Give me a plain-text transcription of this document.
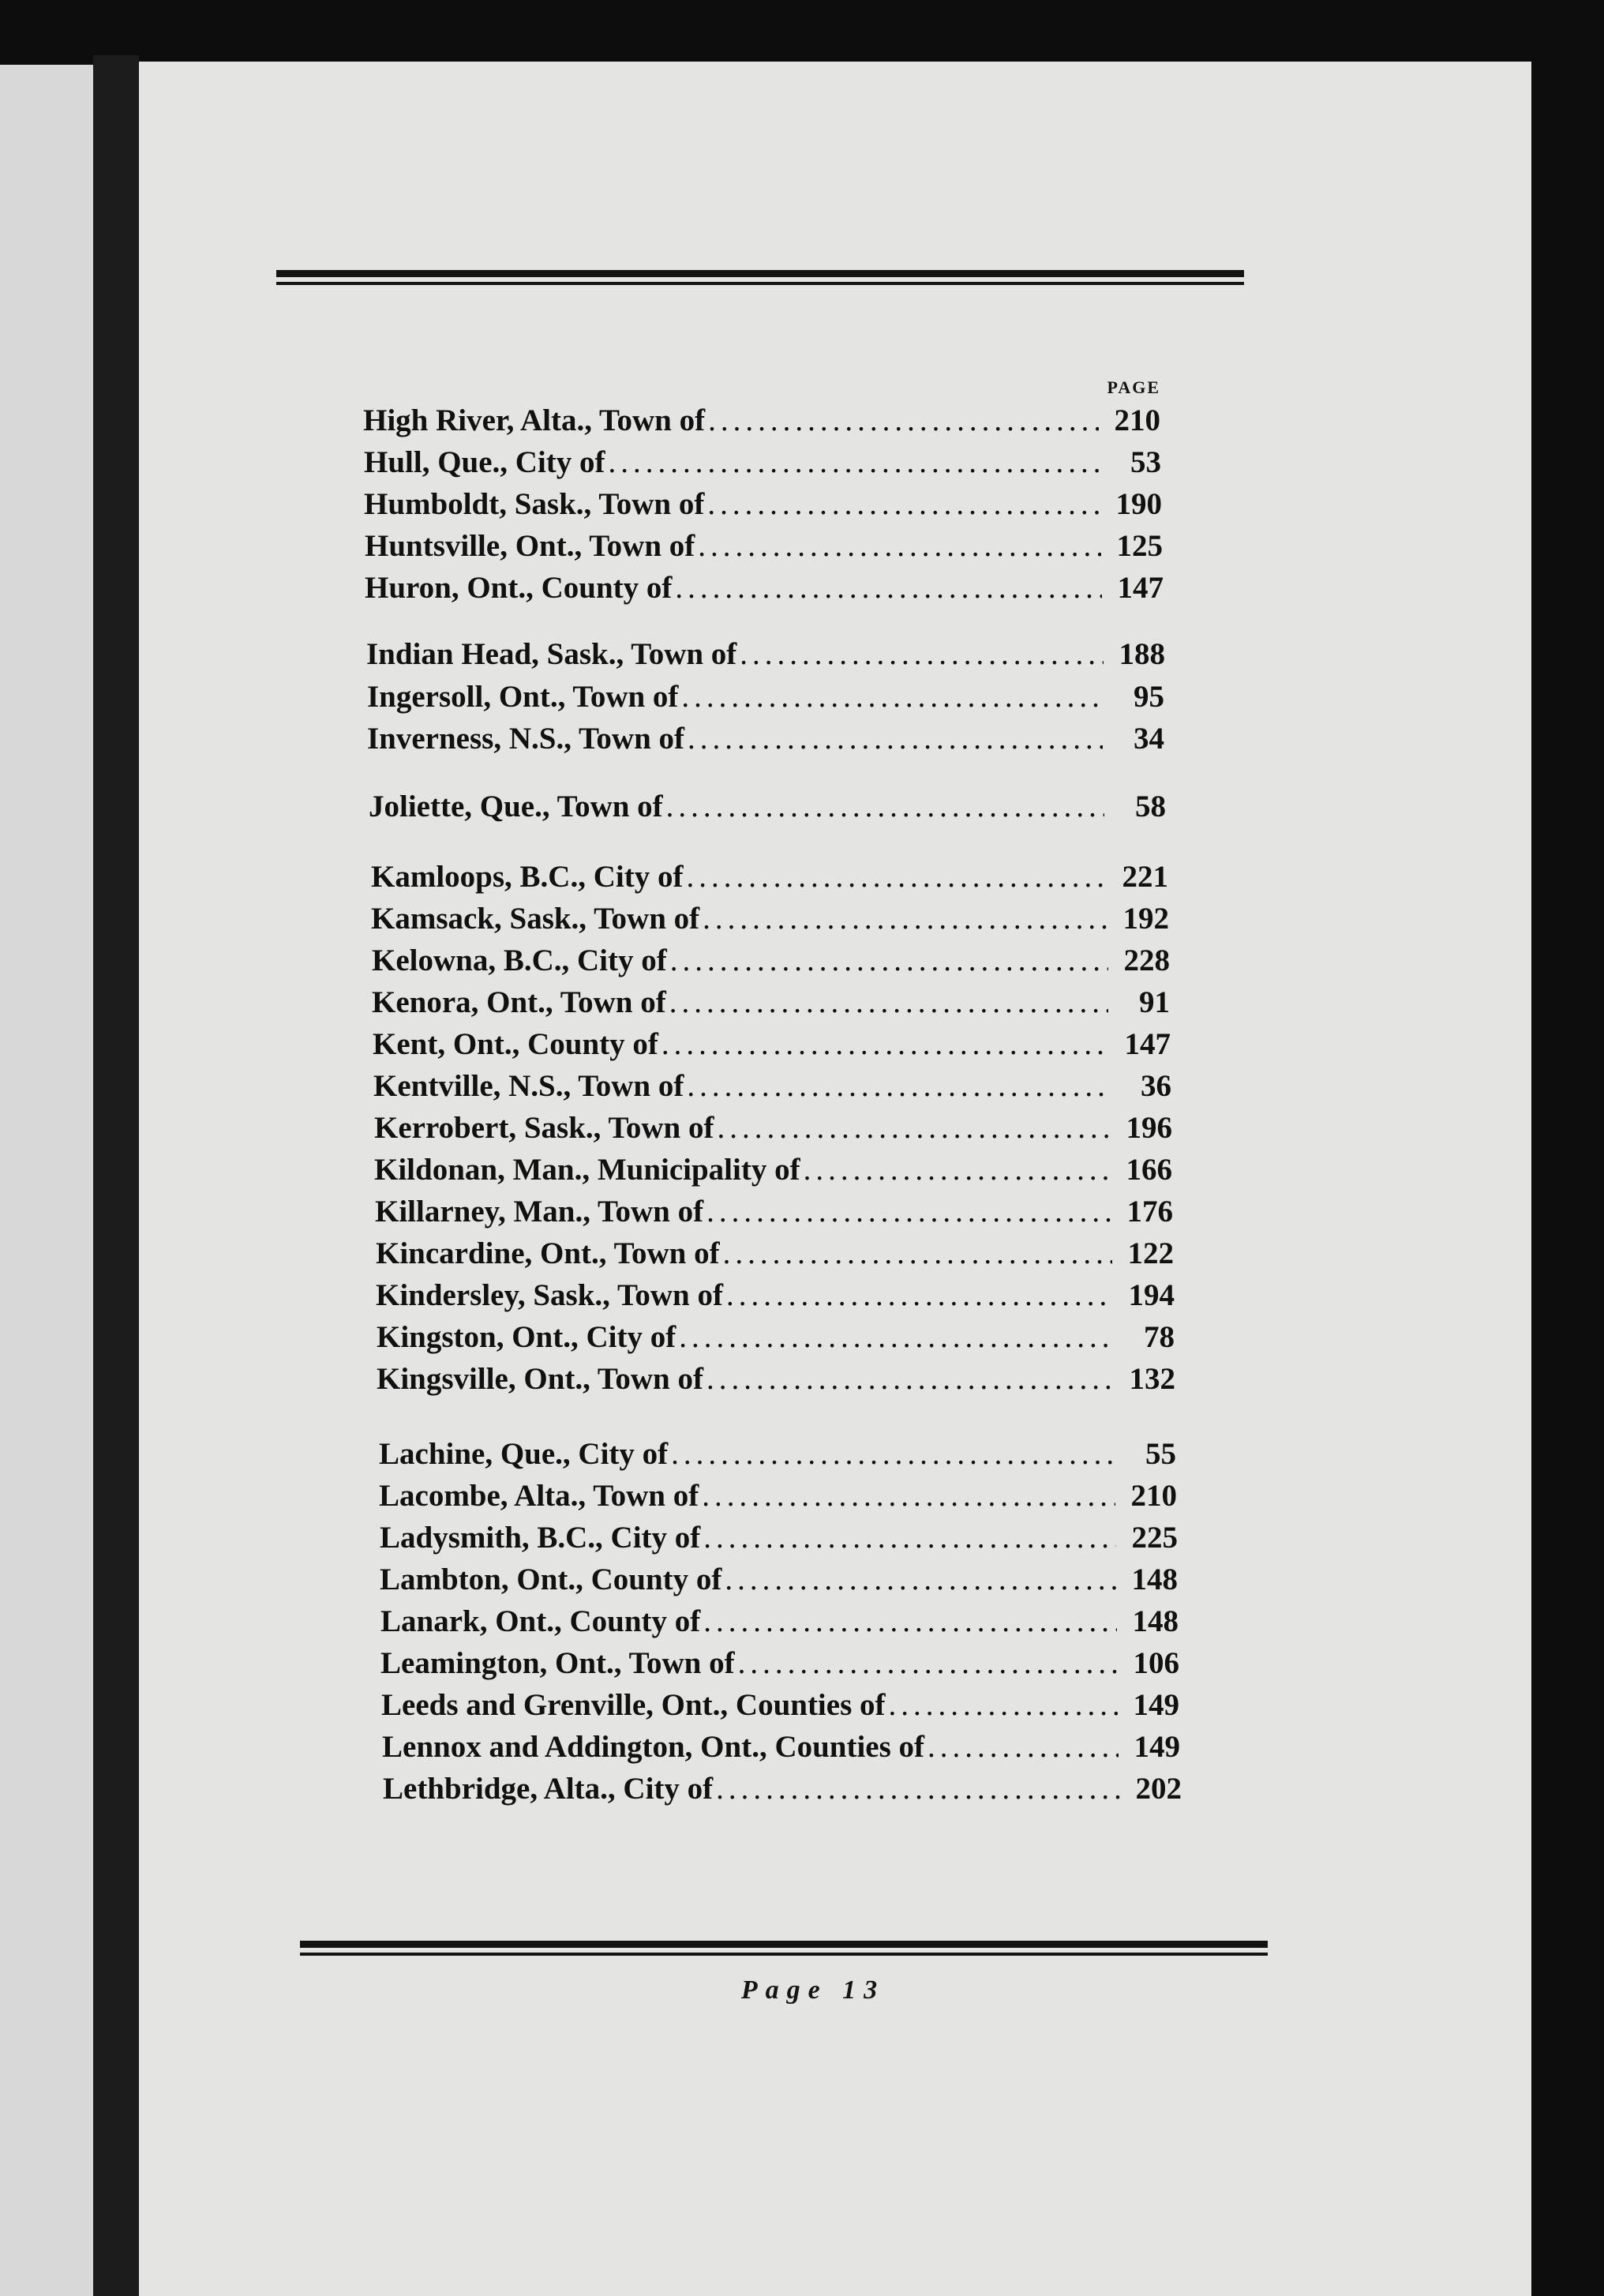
PAGE
High River, Alta., Town of .....	210
Hull, Que., City of .....	53
Humboldt, Sask., Town of .....	190
Huntsville, Ont., Town of .....	125
Huron, Ont., County of .....	147
Indian Head, Sask., Town of .....	188
Ingersoll, Ont., Town of .....	95
Inverness, N.S., Town of .....	34
Joliette, Que., Town of .....	58
Kamloops, B.C., City of .....	221
Kamsack, Sask., Town of .....	192
Kelowna, B.C., City of .....	228
Kenora, Ont., Town of .....	91
Kent, Ont., County of .....	147
Kentville, N.S., Town of .....	36
Kerrobert, Sask., Town of .....	196
Kildonan, Man., Municipality of .....	166
Killarney, Man., Town of .....	176
Kincardine, Ont., Town of .....	122
Kindersley, Sask., Town of .....	194
Kingston, Ont., City of .....	78
Kingsville, Ont., Town of .....	132
Lachine, Que., City of .....	55
Lacombe, Alta., Town of .....	210
Ladysmith, B.C., City of .....	225
Lambton, Ont., County of .....	148
Lanark, Ont., County of .....	148
Leamington, Ont., Town of .....	106
Leeds and Grenville, Ont., Counties of .....	149
Lennox and Addington, Ont., Counties of .....	149
Lethbridge, Alta., City of .....	202
Page 13
